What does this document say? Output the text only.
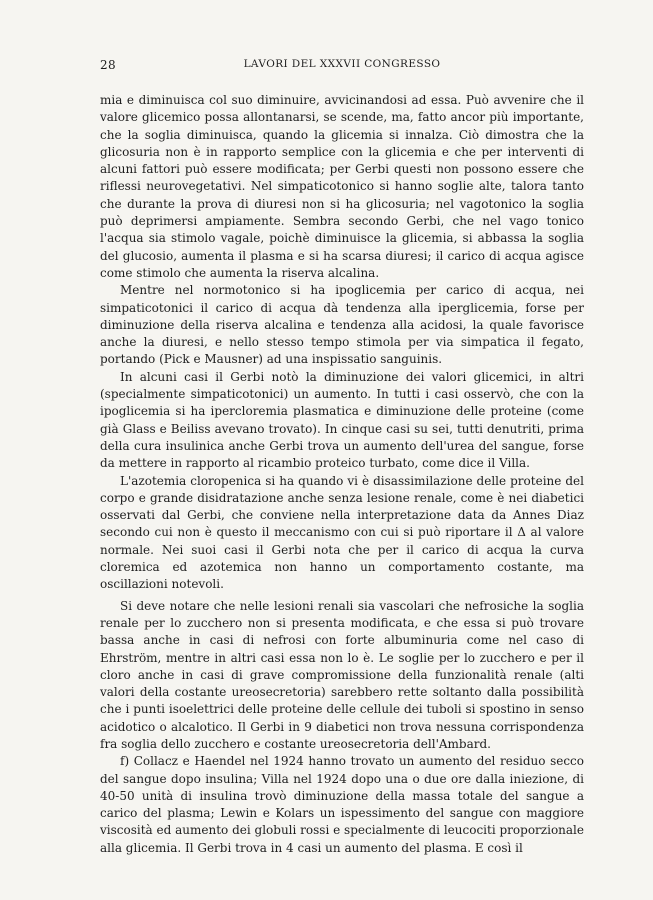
28	LAVORI DEL XXXVII CONGRESSO

mia e diminuisca col suo diminuire, avvicinandosi ad essa. Può avvenire che il valore glicemico possa allontanarsi, se scende, ma, fatto ancor più importante, che la soglia diminuisca, quando la glicemia si innalza. Ciò dimostra che la glicosuria non è in rapporto semplice con la glicemia e che per interventi di alcuni fattori può essere modificata; per Gerbi questi non possono essere che riflessi neurovegetativi. Nel simpaticotonico si hanno soglie alte, talora tanto che durante la prova di diuresi non si ha glicosuria; nel vagotonico la soglia può deprimersi ampiamente. Sembra secondo Gerbi, che nel vago tonico l'acqua sia stimolo vagale, poichè diminuisce la glicemia, si abbassa la soglia del glucosio, aumenta il plasma e si ha scarsa diuresi; il carico di acqua agisce come stimolo che aumenta la riserva alcalina.

Mentre nel normotonico si ha ipoglicemia per carico di acqua, nei simpaticotonici il carico di acqua dà tendenza alla iperglicemia, forse per diminuzione della riserva alcalina e tendenza alla acidosi, la quale favorisce anche la diuresi, e nello stesso tempo stimola per via simpatica il fegato, portando (Pick e Mausner) ad una inspissatio sanguinis.

In alcuni casi il Gerbi notò la diminuzione dei valori glicemici, in altri (specialmente simpaticotonici) un aumento. In tutti i casi osservò, che con la ipoglicemia si ha ipercloremia plasmatica e diminuzione delle proteine (come già Glass e Beiliss avevano trovato). In cinque casi su sei, tutti denutriti, prima della cura insulinica anche Gerbi trova un aumento dell'urea del sangue, forse da mettere in rapporto al ricambio proteico turbato, come dice il Villa.

L'azotemia cloropenica si ha quando vi è disassimilazione delle proteine del corpo e grande disidratazione anche senza lesione renale, come è nei diabetici osservati dal Gerbi, che conviene nella interpretazione data da Annes Diaz secondo cui non è questo il meccanismo con cui si può riportare il Δ al valore normale. Nei suoi casi il Gerbi nota che per il carico di acqua la curva cloremica ed azotemica non hanno un comportamento costante, ma oscillazioni notevoli.

Si deve notare che nelle lesioni renali sia vascolari che nefrosiche la soglia renale per lo zucchero non si presenta modificata, e che essa si può trovare bassa anche in casi di nefrosi con forte albuminuria come nel caso di Ehrström, mentre in altri casi essa non lo è. Le soglie per lo zucchero e per il cloro anche in casi di grave compromissione della funzionalità renale (alti valori della costante ureosecretoria) sarebbero rette soltanto dalla possibilità che i punti isoelettrici delle proteine delle cellule dei tuboli si spostino in senso acidotico o alcalotico. Il Gerbi in 9 diabetici non trova nessuna corrispondenza fra soglia dello zucchero e costante ureosecretoria dell'Ambard.

f) Collacz e Haendel nel 1924 hanno trovato un aumento del residuo secco del sangue dopo insulina; Villa nel 1924 dopo una o due ore dalla iniezione, di 40-50 unità di insulina trovò diminuzione della massa totale del sangue a carico del plasma; Lewin e Kolars un ispessimento del sangue con maggiore viscosità ed aumento dei globuli rossi e specialmente di leucociti proporzionale alla glicemia. Il Gerbi trova in 4 casi un aumento del plasma. E così il
